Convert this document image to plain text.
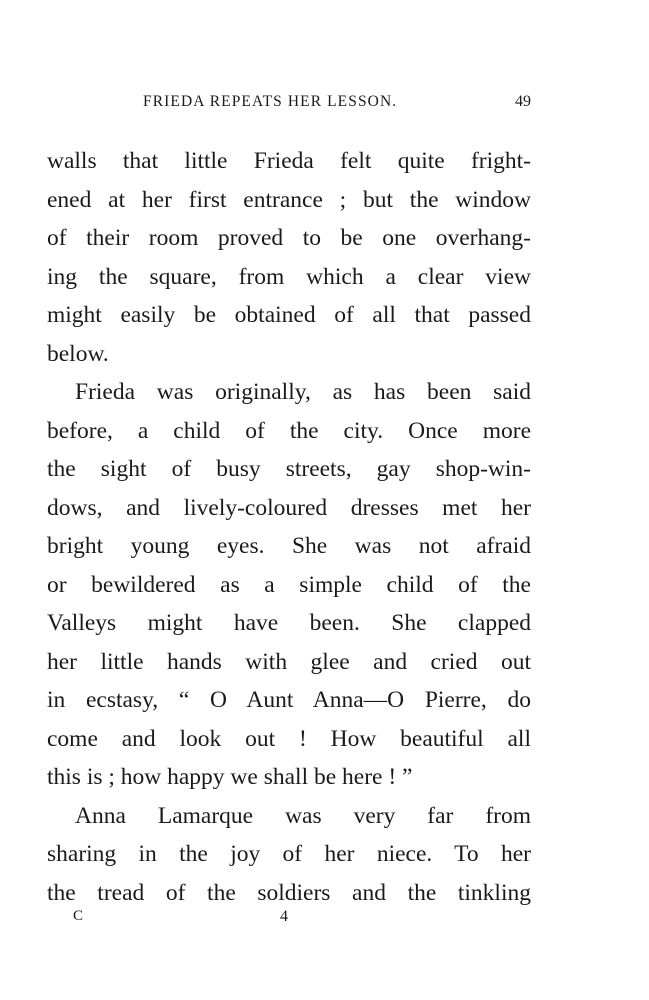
FRIEDA REPEATS HER LESSON.	49
walls that little Frieda felt quite fright-
ened at her first entrance ; but the window
of their room proved to be one overhang-
ing the square, from which a clear view
might easily be obtained of all that passed
below.
Frieda was originally, as has been said
before, a child of the city. Once more
the sight of busy streets, gay shop-win-
dows, and lively-coloured dresses met her
bright young eyes. She was not afraid
or bewildered as a simple child of the
Valleys might have been. She clapped
her little hands with glee and cried out
in ecstasy, “ O Aunt Anna—O Pierre, do
come and look out ! How beautiful all
this is ; how happy we shall be here ! ”
Anna Lamarque was very far from
sharing in the joy of her niece. To her
the tread of the soldiers and the tinkling
C	4
